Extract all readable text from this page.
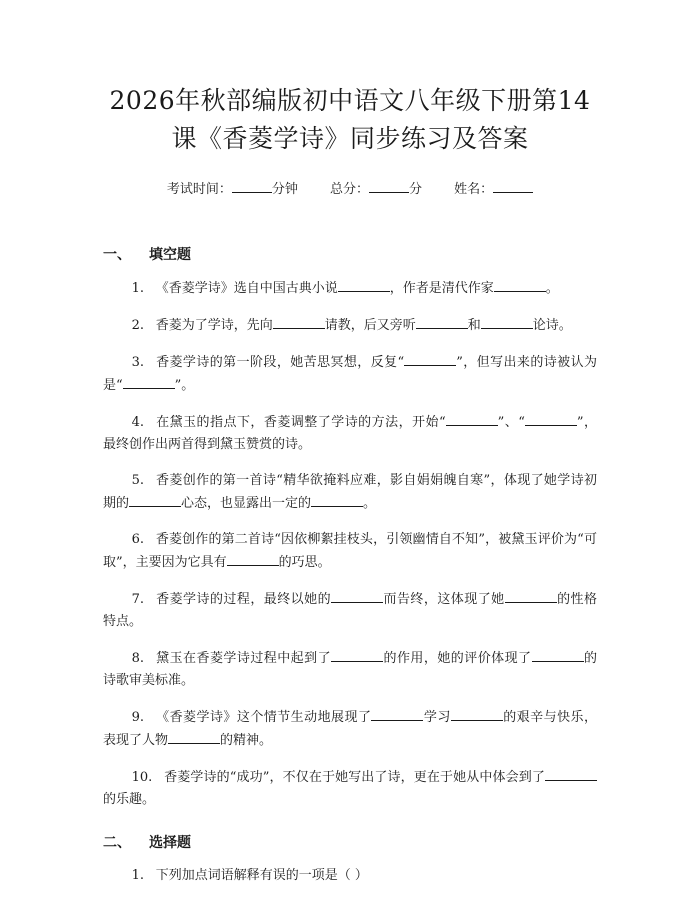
2026年秋部编版初中语文八年级下册第14
课《香菱学诗》同步练习及答案
考试时间：	分钟 总分：	分 姓名：
一、 填空题

1. 《香菱学诗》选自中国古典小说	，作者是清代作家	。

2. 香菱为了学诗，先向	请教，后又旁听	和	论诗。

3. 香菱学诗的第一阶段，她苦思冥想，反复“	”，但写出来的诗被认为是“	”。

4. 在黛玉的指点下，香菱调整了学诗的方法，开始“	”、“	”，最终创作出两首得到黛玉赞赏的诗。

5. 香菱创作的第一首诗“精华欲掩料应难，影自娟娟魄自寒”，体现了她学诗初期的	心态，也显露出一定的	。

6. 香菱创作的第二首诗“因依柳絮挂枝头，引领幽情自不知”，被黛玉评价为“可取”，主要因为它具有	的巧思。

7. 香菱学诗的过程，最终以她的	而告终，这体现了她	的性格特点。

8. 黛玉在香菱学诗过程中起到了	的作用，她的评价体现了	的诗歌审美标准。

9. 《香菱学诗》这个情节生动地展现了	学习	的艰辛与快乐，表现了人物	的精神。

10. 香菱学诗的“成功”，不仅在于她写出了诗，更在于她从中体会到了的乐趣。

二、 选择题

1. 下列加点词语解释有误的一项是（ ）
